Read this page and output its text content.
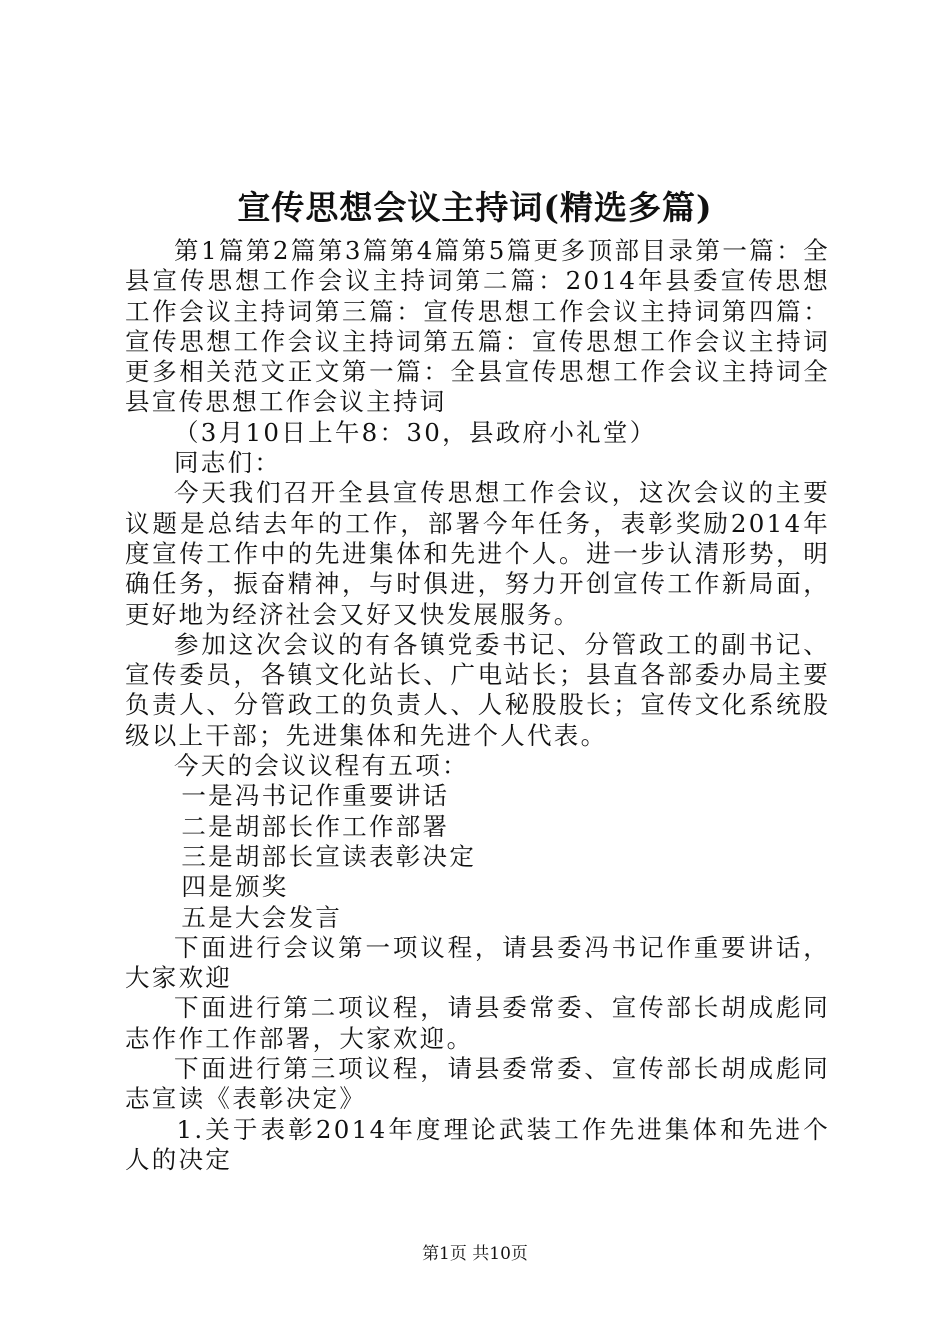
宣传思想会议主持词(精选多篇)

第1篇第2篇第3篇第4篇第5篇更多顶部目录第一篇：全县宣传思想工作会议主持词第二篇：2014年县委宣传思想工作会议主持词第三篇：宣传思想工作会议主持词第四篇：宣传思想工作会议主持词第五篇：宣传思想工作会议主持词更多相关范文正文第一篇：全县宣传思想工作会议主持词全县宣传思想工作会议主持词

（3月10日上午8：30，县政府小礼堂）

同志们：

今天我们召开全县宣传思想工作会议，这次会议的主要议题是总结去年的工作，部署今年任务，表彰奖励2014年度宣传工作中的先进集体和先进个人。进一步认清形势，明确任务，振奋精神，与时俱进，努力开创宣传工作新局面，更好地为经济社会又好又快发展服务。

参加这次会议的有各镇党委书记、分管政工的副书记、宣传委员，各镇文化站长、广电站长；县直各部委办局主要负责人、分管政工的负责人、人秘股股长；宣传文化系统股级以上干部；先进集体和先进个人代表。

今天的会议议程有五项：

一是冯书记作重要讲话

二是胡部长作工作部署

三是胡部长宣读表彰决定

四是颁奖

五是大会发言

下面进行会议第一项议程，请县委冯书记作重要讲话，大家欢迎

下面进行第二项议程，请县委常委、宣传部长胡成彪同志作作工作部署，大家欢迎。

下面进行第三项议程，请县委常委、宣传部长胡成彪同志宣读《表彰决定》

1.关于表彰2014年度理论武装工作先进集体和先进个人的决定

第1页 共10页
